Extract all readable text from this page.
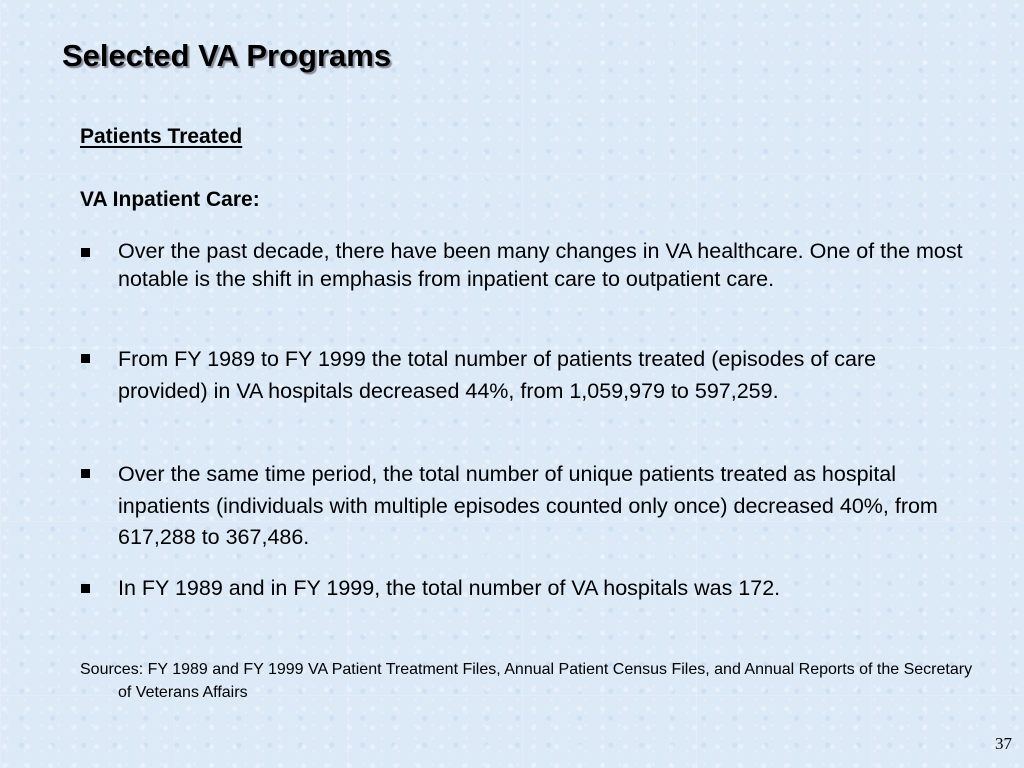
Selected VA Programs
Patients Treated
VA Inpatient Care:
Over the past decade, there have been many changes in VA healthcare. One of the most notable is the shift in emphasis from inpatient care to outpatient care.
From FY 1989 to FY 1999 the total number of patients treated (episodes of care provided) in VA hospitals decreased 44%, from 1,059,979 to 597,259.
Over the same time period, the total number of unique patients treated as hospital inpatients (individuals with multiple episodes counted only once) decreased 40%, from 617,288 to 367,486.
In FY 1989 and in FY 1999, the total number of VA hospitals was 172.
Sources: FY 1989 and FY 1999 VA Patient Treatment Files, Annual Patient Census Files, and Annual Reports of the Secretary of Veterans Affairs
37
